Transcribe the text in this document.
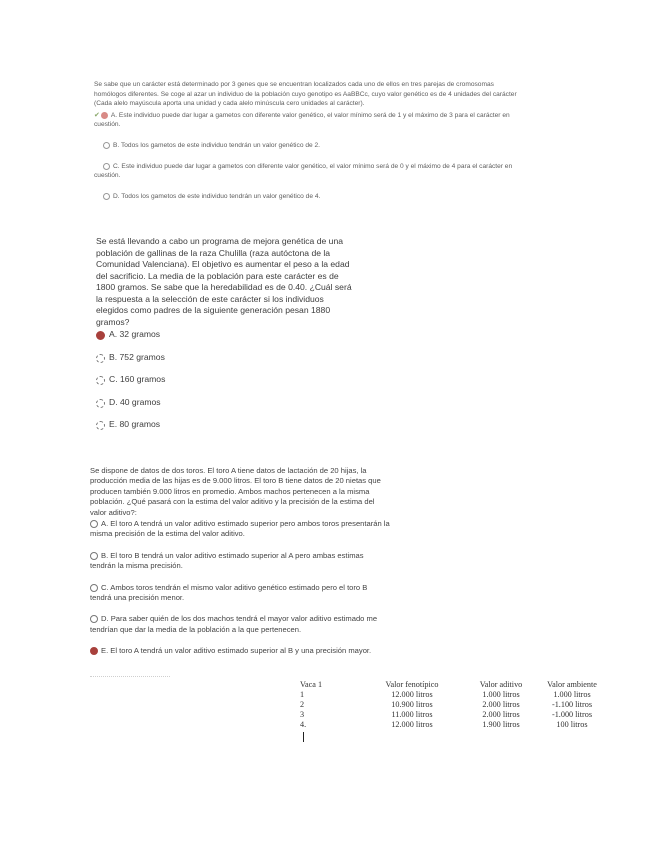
Se sabe que un carácter está determinado por 3 genes que se encuentran localizados cada uno de ellos en tres parejas de cromosomas homólogos diferentes. Se coge al azar un individuo de la población cuyo genotipo es AaBBCc, cuyo valor genético es de 4 unidades del carácter (Cada alelo mayúscula aporta una unidad y cada alelo minúscula cero unidades al carácter).
✔ A. Este individuo puede dar lugar a gametos con diferente valor genético, el valor mínimo será de 1 y el máximo de 3 para el carácter en cuestión.
B. Todos los gametos de este individuo tendrán un valor genético de 2.
C. Este individuo puede dar lugar a gametos con diferente valor genético, el valor mínimo será de 0 y el máximo de 4 para el carácter en cuestión.
D. Todos los gametos de este individuo tendrán un valor genético de 4.
Se está llevando a cabo un programa de mejora genética de una población de gallinas de la raza Chulilla (raza autóctona de la Comunidad Valenciana). El objetivo es aumentar el peso a la edad del sacrificio. La media de la población para este carácter es de 1800 gramos. Se sabe que la heredabilidad es de 0.40. ¿Cuál será la respuesta a la selección de este carácter si los individuos elegidos como padres de la siguiente generación pesan 1880 gramos?
A. 32 gramos
B. 752 gramos
C. 160 gramos
D. 40 gramos
E. 80 gramos
Se dispone de datos de dos toros. El toro A tiene datos de lactación de 20 hijas, la producción media de las hijas es de 9.000 litros. El toro B tiene datos de 20 nietas que producen también 9.000 litros en promedio. Ambos machos pertenecen a la misma población. ¿Qué pasará con la estima del valor aditivo y la precisión de la estima del valor aditivo?:
A. El toro A tendrá un valor aditivo estimado superior pero ambos toros presentarán la misma precisión de la estima del valor aditivo.
B. El toro B tendrá un valor aditivo estimado superior al A pero ambas estimas tendrán la misma precisión.
C. Ambos toros tendrán el mismo valor aditivo genético estimado pero el toro B tendrá una precisión menor.
D. Para saber quién de los dos machos tendrá el mayor valor aditivo estimado me tendrían que dar la media de la población a la que pertenecen.
E. El toro A tendrá un valor aditivo estimado superior al B y una precisión mayor.
Vaca 1	Valor fenotípico	Valor aditivo	Valor ambiente
1	12.000 litros	1.000 litros	1.000 litros
2	10.900 litros	2.000 litros	-1.100 litros
3	11.000 litros	2.000 litros	-1.000 litros
4.	12.000 litros	1.900 litros	100 litros
